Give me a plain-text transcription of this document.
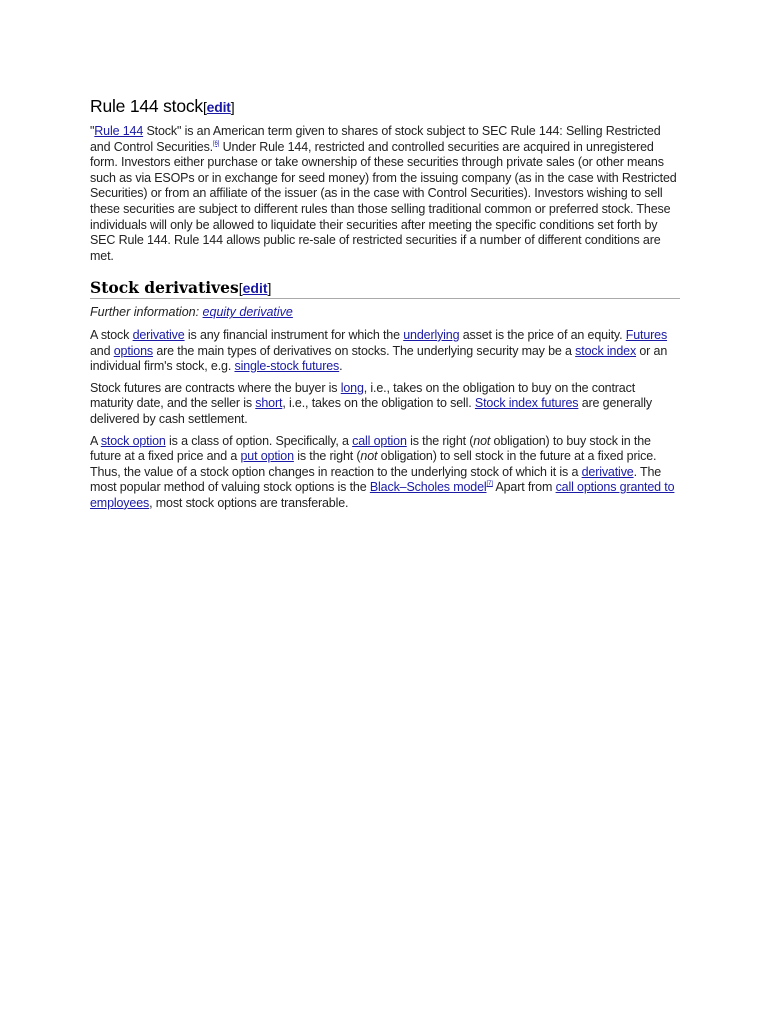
Rule 144 stock[edit]

"Rule 144 Stock" is an American term given to shares of stock subject to SEC Rule 144: Selling Restricted and Control Securities.[6] Under Rule 144, restricted and controlled securities are acquired in unregistered form. Investors either purchase or take ownership of these securities through private sales (or other means such as via ESOPs or in exchange for seed money) from the issuing company (as in the case with Restricted Securities) or from an affiliate of the issuer (as in the case with Control Securities). Investors wishing to sell these securities are subject to different rules than those selling traditional common or preferred stock. These individuals will only be allowed to liquidate their securities after meeting the specific conditions set forth by SEC Rule 144. Rule 144 allows public re-sale of restricted securities if a number of different conditions are met.

Stock derivatives[edit]
Further information: equity derivative

A stock derivative is any financial instrument for which the underlying asset is the price of an equity. Futures and options are the main types of derivatives on stocks. The underlying security may be a stock index or an individual firm's stock, e.g. single-stock futures.

Stock futures are contracts where the buyer is long, i.e., takes on the obligation to buy on the contract maturity date, and the seller is short, i.e., takes on the obligation to sell. Stock index futures are generally delivered by cash settlement.

A stock option is a class of option. Specifically, a call option is the right (not obligation) to buy stock in the future at a fixed price and a put option is the right (not obligation) to sell stock in the future at a fixed price. Thus, the value of a stock option changes in reaction to the underlying stock of which it is a derivative. The most popular method of valuing stock options is the Black–Scholes model[7] Apart from call options granted to employees, most stock options are transferable.
